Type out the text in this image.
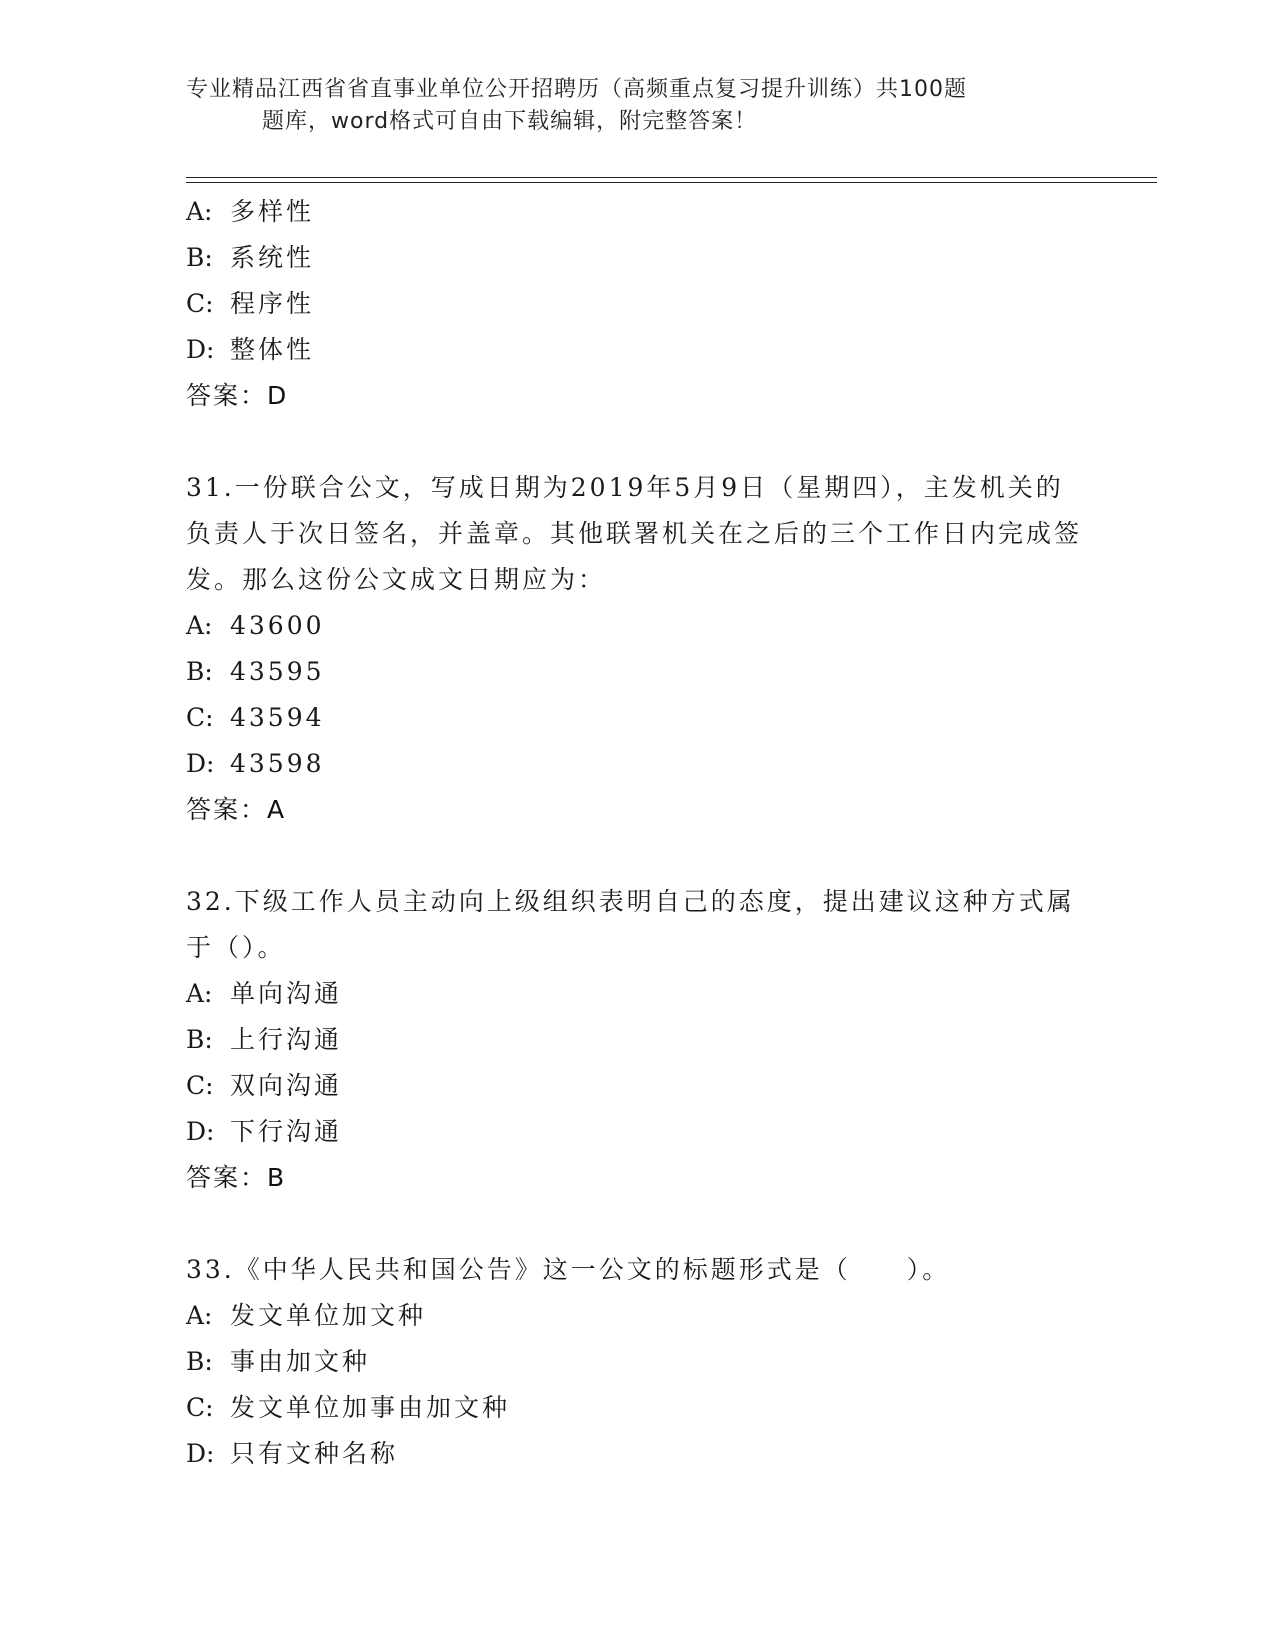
专业精品江西省省直事业单位公开招聘历（高频重点复习提升训练）共100题
题库，word格式可自由下载编辑，附完整答案！
A: 多样性
B: 系统性
C: 程序性
D: 整体性
答案：D
31.一份联合公文，写成日期为2019年5月9日（星期四），主发机关的负责人于次日签名，并盖章。其他联署机关在之后的三个工作日内完成签发。那么这份公文成文日期应为：
A: 43600
B: 43595
C: 43594
D: 43598
答案：A
32.下级工作人员主动向上级组织表明自己的态度，提出建议这种方式属于（）。
A: 单向沟通
B: 上行沟通
C: 双向沟通
D: 下行沟通
答案：B
33.《中华人民共和国公告》这一公文的标题形式是（　　）。
A: 发文单位加文种
B: 事由加文种
C: 发文单位加事由加文种
D: 只有文种名称
